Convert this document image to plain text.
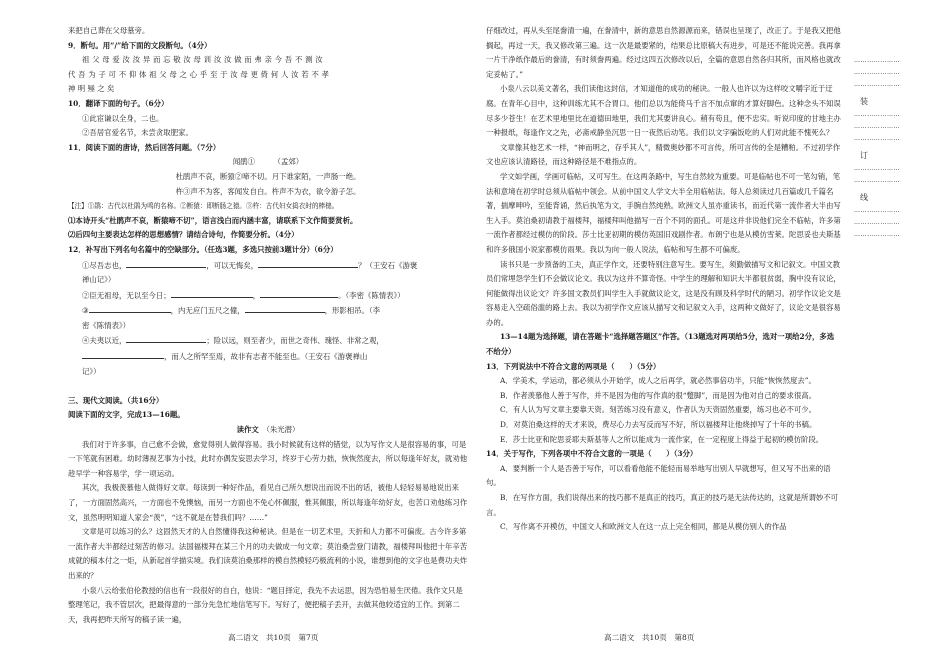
来把自己葬在父母墓旁。

9．断句。用“/”给下面的文段断句。（4分）

祖 父 母 爱 汝 汝 异 而 忘 敬 汝 母 训 汝 汝 做 而 弗 亲 今 吾 不 测 汝

代 吾 为 子 可 不 仰 体 祖 父 母 之 心 乎 至 于 汝 母 更 倚 何 人 汝 若 不 孝

神 明 殛 之 矣

10．翻译下面的句子。（6分）

①此宦谦以全身，二也。

②吾居官爱名节，未尝贪取肥家。

11．阅读下面的唐诗，然后回答问题。（7分）

闻鹃①　　　	（孟郊）

杜鹃声不哀，断猿②啼不切。月下谁家陌，一声肠一绝。

杵③声不为客，客闻发自白。杵声不为衣，欲令游子怎。

【注】①鹃：古代以杜鹃为鸣的名称。②断猿：即断肠之猿。③杵：古代妇女捣衣时的棒槌。

⑴本诗开头“杜鹃声不哀，断猿啼不切”，语言浅白而内涵丰富，请联系下文作简要赏析。

⑵后四句主要表达怎样的思想感情？请结合诗句，作简要分析。（4分）

12．补写出下列名句名篇中的空缺部分。（任选3题，多选只按前3题计分）（6分）

①尽吾志也，	，可以无悔矣，	？（王安石《游褒

禅山记》）

②臣无祖母，无以至今日；	，	。（李密《陈情表》）

③	，内无应门五尺之僮，	，形影相吊。（李

密《陈情表》）

④夫夷以近，	；险以远，则至者少，而世之奇伟、瑰怪、非常之观，

，而人之所罕至焉，故非有志者不能至也。（王安石《游褒禅山

记》）

三、现代文阅读。（共16分）

阅读下面的文字，完成13—16题。

读作文　 （朱光潜）

我们对于许多事，自己愈不会做，愈觉得别人做得容易。我小时候就有这样的错觉，以为写作文人是很容易的事，可是一下笔就有困难。幼时薄视艺事为小技，此时亦偶发妄思去学习，终岁于心劳力拙，恢恢然度去，所以每逢年好友，就劝他趁早学一种容易学，学一项运动。

其次，我极羡慕他人做得好文章。每读到一种好作品，看见自己所久想说出而说不出的话，被他人轻轻易易地说出来了，一方面固然高兴，一方面也不免懊恼，而另一方面也不免心怀佩服，惟其佩服，所以每逢年幼好友，也苦口劝他练习作文，虽然明明知道人家会“羡”，“这不就是在替我们吗？……”

文章是可以练习的么？这固然天才的人自然懂得我这种秘诀。但是在一切艺术里，天折和人力都不可偏废。古今许多第一流作者大半都经过刻苦的修习。法国福楼拜在某三个月的功夫做成一句文章；莫泊桑尝登门请教，福楼拜叫他把十年辛苦成就的稿本付之一炬，从新起首学描实境。我们读莫泊桑那样的模自然模轻巧极流利的小说，谁想到他的文字也是费功夫炸出来的？

小泉八云给张伯伦教授的信也有一段很好的自白，他说：“题目择定，我先不去运思，因为恐怕易生厌倦。我作文只是整理笔记，我不管层次，把最得意的一部分先急忙地信笔写下。写好了，便把稿子丢开，去做其他较适宜的工作。到第二天，我再把昨天所写的稿子读一遍，

仔细改过，再从头至尾誊清一遍，在誊清中，新的意思自然源源而来，错误也呈现了，改正了。于是我又把他搁起，再过一天，我又修改第三遍。这一次是最要紧的，结果总比原稿大有进步，可是还不能说完善。我再拿一片干净纸作最后的誊清，有时须誊两遍。经过这四五次修改以后，全篇的意思自然各归其所，而风格也就改定妥帖了。”

小泉八云以美文著名，我们读他这封信，才知道他的成功的秘诀。一般人也许以为这样咬文嚼字近于迂腐。在青年心目中，这种训练尤其不合胃口。他们总以为能倚马千言不加点窜的才算好脚色。这种念头不知误尽多少苍生！在艺术里地里比在道德田地里，我们尤其要讲良心。稍有苟且，便不忠实。听说印度的甘地主办一种报纸，每逢作文之先，必斋戒静坐沉思一日一夜然后动笔。我们以文字骗饭吃的人们对此能不愧死么？

文章像其他艺术一样，“神而明之，存乎其人”，精微奥妙都不可言传，所可言传的全是糟粕。不过初学作文也应该认清路径，而这种路径是不难指点的。

学文如学画，学画可临帖，又可写生。在这两条路中，写生自然较为重要。可是临帖也不可一笔勾销，笔法和意境在初学时总须从临帖中领会。从前中国文人学文大半全用临帖法。每人总须读过几百篇或几千篇名著，揣摩呻吟，至能背诵，然后执笔为文，手腕自然纯熟。欧洲文人虽亦重读书，而近代第一流作者大半由写生入手。莫泊桑初请教于福楼拜，福楼拜叫他描写一百个不同的面孔。可是这并非说他们完全不临帖，许多第一流作者都经过模仿的阶段。莎士比亚初期的模仿英国旧戏剧作者。布朗宁也是从模仿雪莱。陀思妥也夫斯基和许多俄国小说家都模仿雨果。我以为向一般人说法，临帖和写生都不可偏废。

读书只是一步预备的工夫，真正学作文，还要特别注意写生。要写生，须勤做描写文和记叙文。中国文教员们常埋怨学生们不会做议论文。我以为这并不算奇怪。中学生的理解和知识大半都很贫弱，胸中没有议论，何能做得出议论文？许多国文教员们叫学生入手就做议论文，这是没有顾及科学时代的陋习。初学作议论文是容易走入空疏俗滥的路上去。我以为初学作文应该从描写文和记叙文入手，这两种文做好了，议论文是很容易办的。

13—14题为选择题，请在答题卡“选择题答题区”作答。（13题选对两项给5分，选对一项给2分，多选不给分）

13．下列说法中不符合文意的两项是（　　）（5分）

A．学美术，学运动，都必须从小开始学，成人之后再学，就必然事倍功半，只能“恢恢然度去”。

B．作者羡慕他人善于写作，并不是因为他的写作真的很“蹩脚”，而是因为他对自己的要求很高。

C．有人认为写文章主要靠天资。刻苦练习没有意义，作者认为天资固然重要，练习也必不可少。

D．对莫泊桑这样的天才来说，费尽心力去写反而写不好，所以福楼拜让他烧掉写了十年的书稿。

E．莎士比亚和陀思妥耶夫斯基等人之所以能成为一流作家，在一定程度上得益于起初的模仿阶段。

14．关于写作，下列各项中不符合文意的一项是（　　）（3分）

A．要判断一个人是否善于写作，可以看看他能不能轻而易举地写出别人早就想写，但又写不出来的语句。

B．在写作方面，我们说得出来的技巧都不是真正的技巧，真正的技巧是无法传达的，这就是所谓妙不可言。

C．写作离不开模仿，中国文人和欧洲文人在这一点上完全相同，都是从模仿别人的作品

高二语文　共10页　第7页	高二语文　共10页　第8页
…………………
…………………
…………………
装
…………………
…………………
…………………
订
…………………
…………………
线
…………………
…………………
…………………
